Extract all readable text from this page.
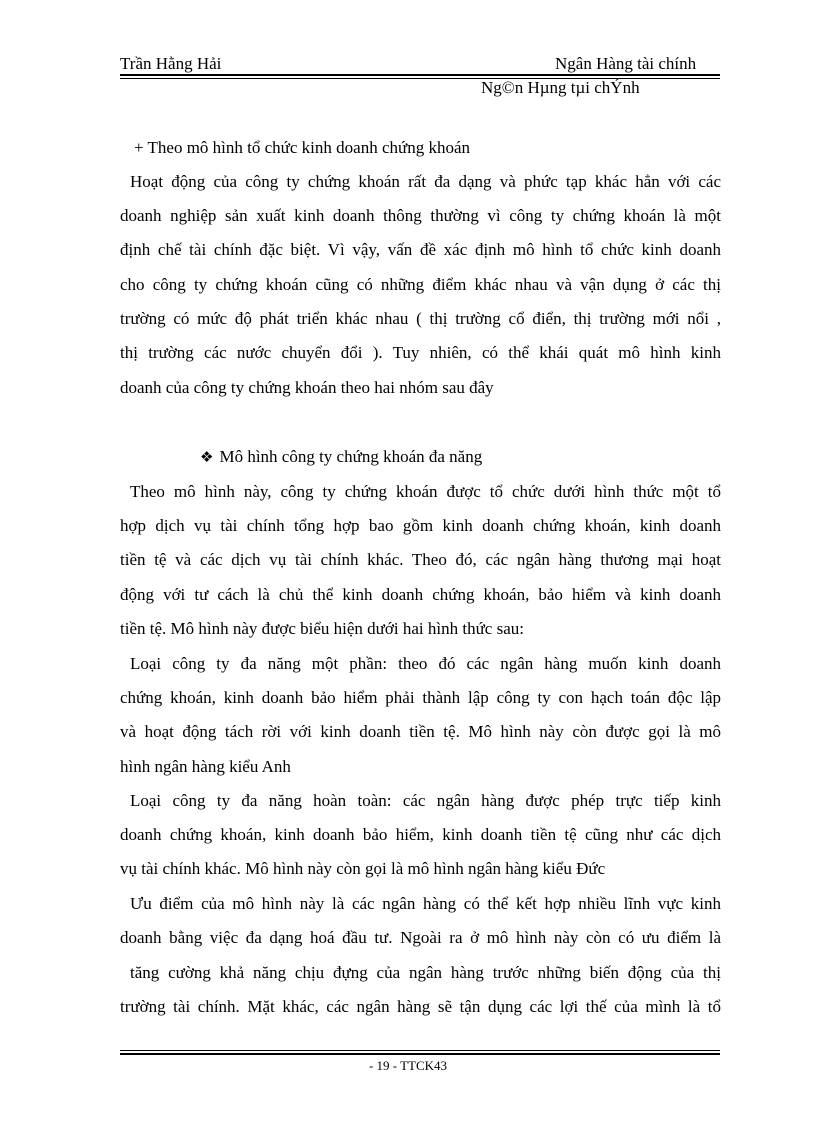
Trần Hằng Hải	Ngân Hàng tài chính
Ng©n Hµng tµi chÝnh
+ Theo mô hình tổ chức kinh doanh chứng khoán
Hoạt động của công ty chứng khoán rất đa dạng và phức tạp khác hẳn với các
doanh nghiệp sản xuất kinh doanh thông thường vì công ty chứng khoán là một
định chế tài chính đặc biệt. Vì vậy, vấn đề xác định mô hình tổ chức kinh doanh
cho công ty chứng khoán cũng có những điểm khác nhau và vận dụng ở các thị
trường có mức độ phát triển khác nhau ( thị trường cổ điển, thị trường mới nổi ,
thị trường các nước chuyển đổi ). Tuy nhiên, có thể khái quát mô hình kinh
doanh của công ty chứng khoán theo hai nhóm sau đây
❖ Mô hình công ty chứng khoán đa năng
Theo mô hình này, công ty chứng khoán được tổ chức dưới hình thức một tổ
hợp dịch vụ tài chính tổng hợp bao gồm kinh doanh chứng khoán, kinh doanh
tiền tệ và các dịch vụ tài chính khác. Theo đó, các ngân hàng thương mại hoạt
động với tư cách là chủ thể kinh doanh chứng khoán, bảo hiểm và kinh doanh
tiền tệ. Mô hình này được biểu hiện dưới hai hình thức sau:
Loại công ty đa năng một phần: theo đó các ngân hàng muốn kinh doanh
chứng khoán, kinh doanh bảo hiểm phải thành lập công ty con hạch toán độc lập
và hoạt động tách rời với kinh doanh tiền tệ. Mô hình này còn được gọi là mô
hình ngân hàng kiểu Anh
Loại công ty đa năng hoàn toàn: các ngân hàng được phép trực tiếp kinh
doanh chứng khoán, kinh doanh bảo hiểm, kinh doanh tiền tệ cũng như các dịch
vụ tài chính khác. Mô hình này còn gọi là mô hình ngân hàng kiểu Đức
Ưu điểm của mô hình này là các ngân hàng có thể kết hợp nhiều lĩnh vực kinh
doanh bằng việc đa dạng hoá đầu tư. Ngoài ra ở mô hình này còn có ưu điểm là
tăng cường khả năng chịu đựng của ngân hàng trước những biến động của thị
trường tài chính. Mặt khác, các ngân hàng sẽ tận dụng các lợi thế của mình là tổ
- 19 - TTCK43
